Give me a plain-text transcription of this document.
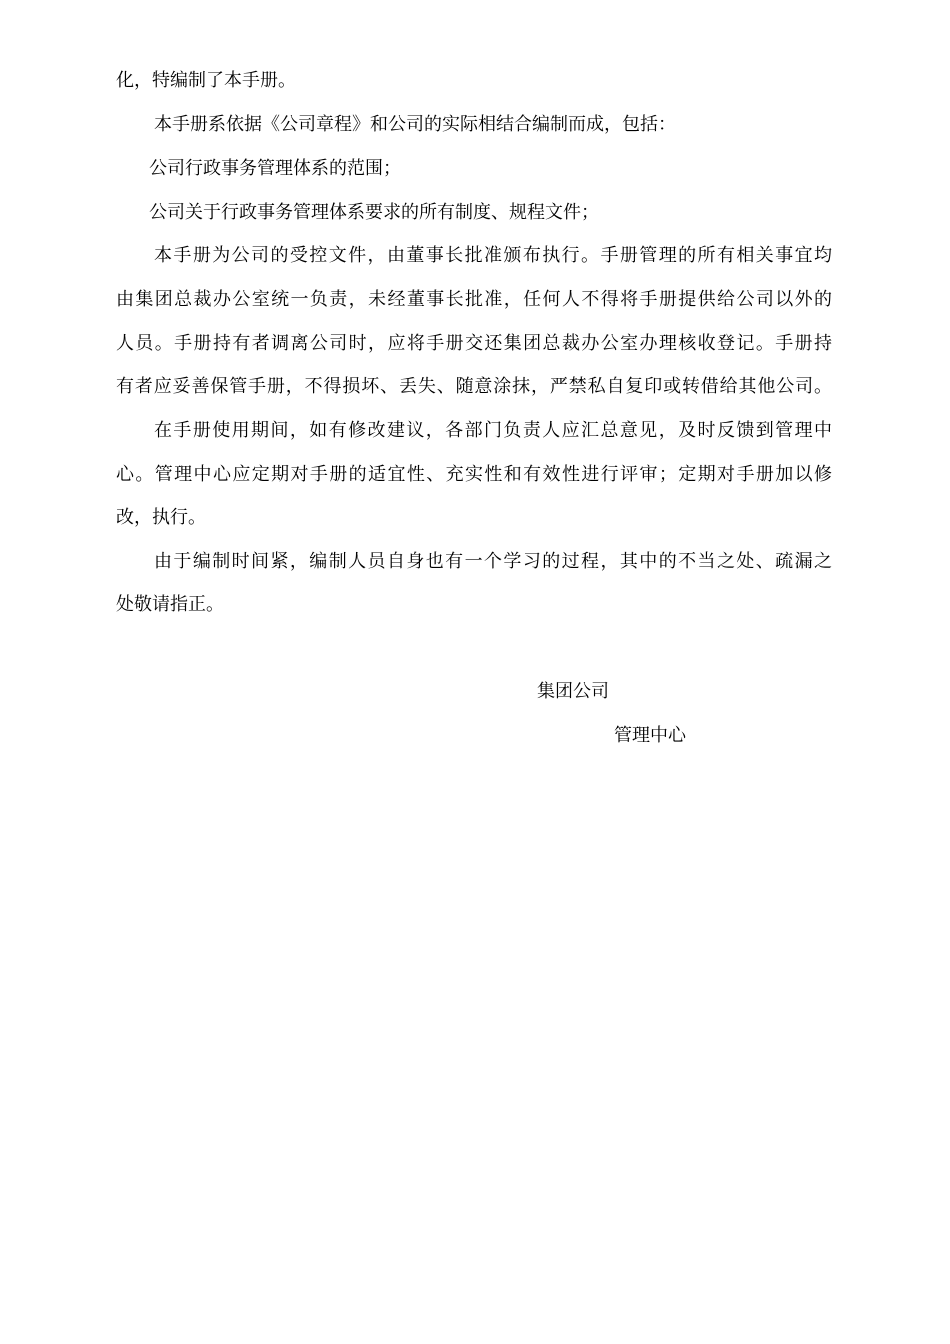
化，特编制了本手册。
本手册系依据《公司章程》和公司的实际相结合编制而成，包括：
公司行政事务管理体系的范围；
公司关于行政事务管理体系要求的所有制度、规程文件；
本手册为公司的受控文件，由董事长批准颁布执行。手册管理的所有相关事宜均
由集团总裁办公室统一负责，未经董事长批准，任何人不得将手册提供给公司以外的
人员。手册持有者调离公司时，应将手册交还集团总裁办公室办理核收登记。手册持
有者应妥善保管手册，不得损坏、丢失、随意涂抹，严禁私自复印或转借给其他公司。
在手册使用期间，如有修改建议，各部门负责人应汇总意见，及时反馈到管理中
心。管理中心应定期对手册的适宜性、充实性和有效性进行评审；定期对手册加以修
改，执行。
由于编制时间紧，编制人员自身也有一个学习的过程，其中的不当之处、疏漏之
处敬请指正。
集团公司
管理中心
